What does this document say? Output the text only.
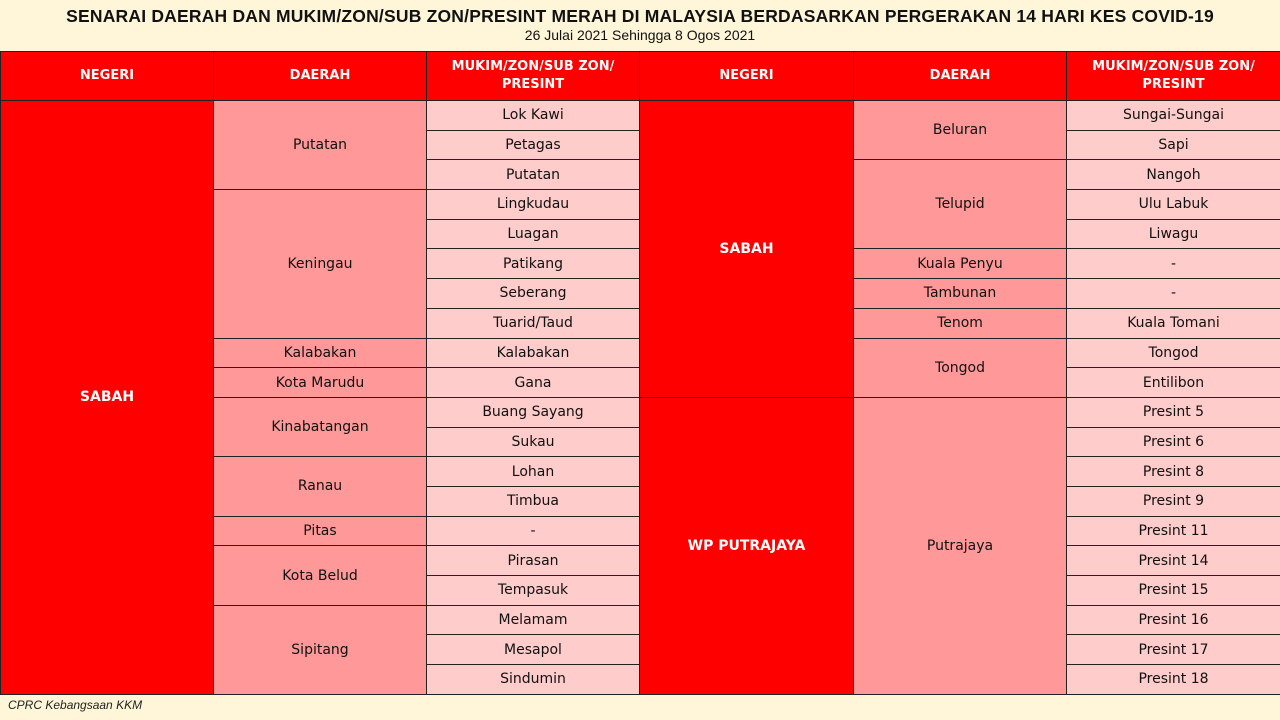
SENARAI DAERAH DAN MUKIM/ZON/SUB ZON/PRESINT MERAH DI MALAYSIA BERDASARKAN PERGERAKAN 14 HARI KES COVID-19
26 Julai 2021 Sehingga 8 Ogos 2021
NEGERI	DAERAH	MUKIM/ZON/SUB ZON/ PRESINT
SABAH	Putatan	Lok Kawi
		Petagas
		Putatan
	Keningau	Lingkudau
		Luagan
		Patikang
		Seberang
		Tuarid/Taud
	Kalabakan	Kalabakan
	Kota Marudu	Gana
	Kinabatangan	Buang Sayang
		Sukau
	Ranau	Lohan
		Timbua
	Pitas	-
	Kota Belud	Pirasan
		Tempasuk
	Sipitang	Melamam
		Mesapol
		Sindumin
NEGERI	DAERAH	MUKIM/ZON/SUB ZON/ PRESINT
SABAH	Beluran	Sungai-Sungai
		Sapi
	Telupid	Nangoh
		Ulu Labuk
		Liwagu
	Kuala Penyu	-
	Tambunan	-
	Tenom	Kuala Tomani
	Tongod	Tongod
		Entilibon
WP PUTRAJAYA	Putrajaya	Presint 5
		Presint 6
		Presint 8
		Presint 9
		Presint 11
		Presint 14
		Presint 15
		Presint 16
		Presint 17
		Presint 18
CPRC Kebangsaan KKM
